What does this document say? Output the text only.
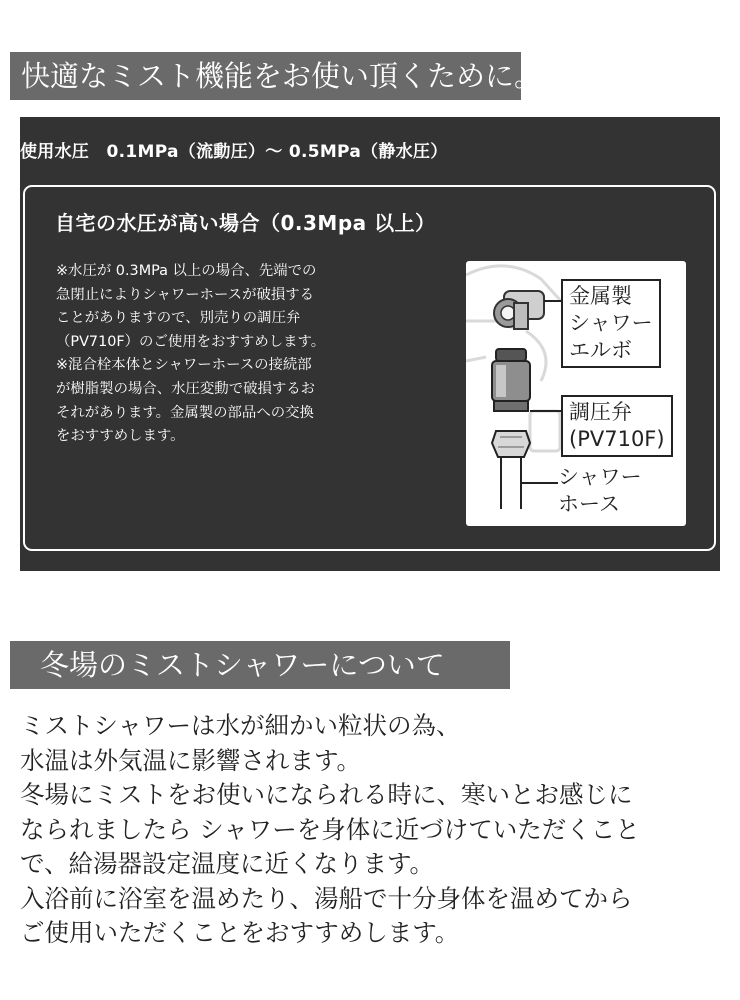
快適なミスト機能をお使い頂くために。
使用水圧　0.1MPa（流動圧）～ 0.5MPa（静水圧）
自宅の水圧が高い場合（0.3Mpa 以上）
※水圧が 0.3MPa 以上の場合、先端での
急閉止によりシャワーホースが破損する
ことがありますので、別売りの調圧弁
（PV710F）のご使用をおすすめします。
※混合栓本体とシャワーホースの接続部
が樹脂製の場合、水圧変動で破損するお
それがあります。金属製の部品への交換
をおすすめします。
金属製
シャワー
エルボ
調圧弁
(PV710F)
シャワー
ホース
冬場のミストシャワーについて
ミストシャワーは水が細かい粒状の為、
水温は外気温に影響されます。
冬場にミストをお使いになられる時に、寒いとお感じに
なられましたら シャワーを身体に近づけていただくこと
で、給湯器設定温度に近くなります。
入浴前に浴室を温めたり、湯船で十分身体を温めてから
ご使用いただくことをおすすめします。
